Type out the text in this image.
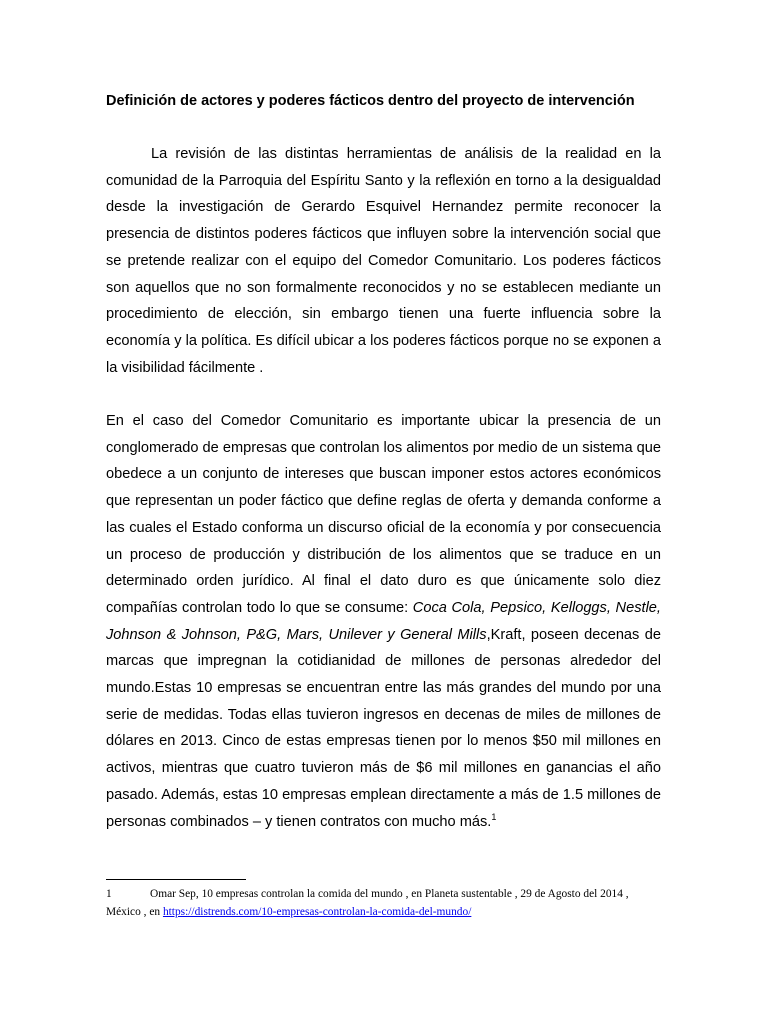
Definición de actores y poderes fácticos dentro del proyecto de intervención

La revisión de las distintas herramientas de análisis de la realidad en la comunidad de la Parroquia del Espíritu Santo y la reflexión en torno a la desigualdad desde la investigación de Gerardo Esquivel Hernandez permite reconocer la presencia de distintos poderes fácticos que influyen sobre la intervención social que se pretende realizar con el equipo del Comedor Comunitario. Los poderes fácticos son aquellos que no son formalmente reconocidos y no se establecen mediante un procedimiento de elección, sin embargo tienen una fuerte influencia sobre la economía y la política. Es difícil ubicar a los poderes fácticos porque no se exponen a la visibilidad fácilmente .

En el caso del Comedor Comunitario es importante ubicar la presencia de un conglomerado de empresas que controlan los alimentos por medio de un sistema que obedece a un conjunto de intereses que buscan imponer estos actores económicos que representan un poder fáctico que define reglas de oferta y demanda conforme a las cuales el Estado conforma un discurso oficial de la economía y por consecuencia un proceso de producción y distribución de los alimentos que se traduce en un determinado orden jurídico. Al final el dato duro es que únicamente solo diez compañías controlan todo lo que se consume: Coca Cola, Pepsico, Kelloggs, Nestle, Johnson & Johnson, P&G, Mars, Unilever y General Mills,Kraft, poseen decenas de marcas que impregnan la cotidianidad de millones de personas alrededor del mundo.Estas 10 empresas se encuentran entre las más grandes del mundo por una serie de medidas. Todas ellas tuvieron ingresos en decenas de miles de millones de dólares en 2013. Cinco de estas empresas tienen por lo menos $50 mil millones en activos, mientras que cuatro tuvieron más de $6 mil millones en ganancias el año pasado. Además, estas 10 empresas emplean directamente a más de 1.5 millones de personas combinados – y tienen contratos con mucho más.$^1$

1	Omar Sep, 10 empresas controlan la comida del mundo , en Planeta sustentable , 29 de Agosto del 2014 , México , en https://distrends.com/10-empresas-controlan-la-comida-del-mundo/
